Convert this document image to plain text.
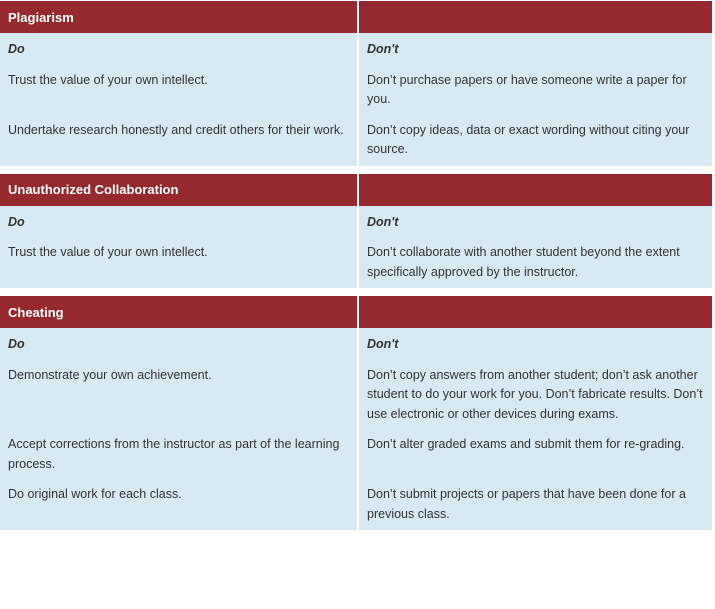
Plagiarism	
Do	Don't
Trust the value of your own intellect.	Don’t purchase papers or have someone write a paper for you.
Undertake research honestly and credit others for their work.	Don’t copy ideas, data or exact wording without citing your source.
Unauthorized Collaboration	
Do	Don't
Trust the value of your own intellect.	Don’t collaborate with another student beyond the extent specifically approved by the instructor.
Cheating	
Do	Don't
Demonstrate your own achievement.	Don’t copy answers from another student; don’t ask another student to do your work for you. Don’t fabricate results. Don’t use electronic or other devices during exams.
Accept corrections from the instructor as part of the learning process.	Don’t alter graded exams and submit them for re-grading.
Do original work for each class.	Don’t submit projects or papers that have been done for a previous class.
